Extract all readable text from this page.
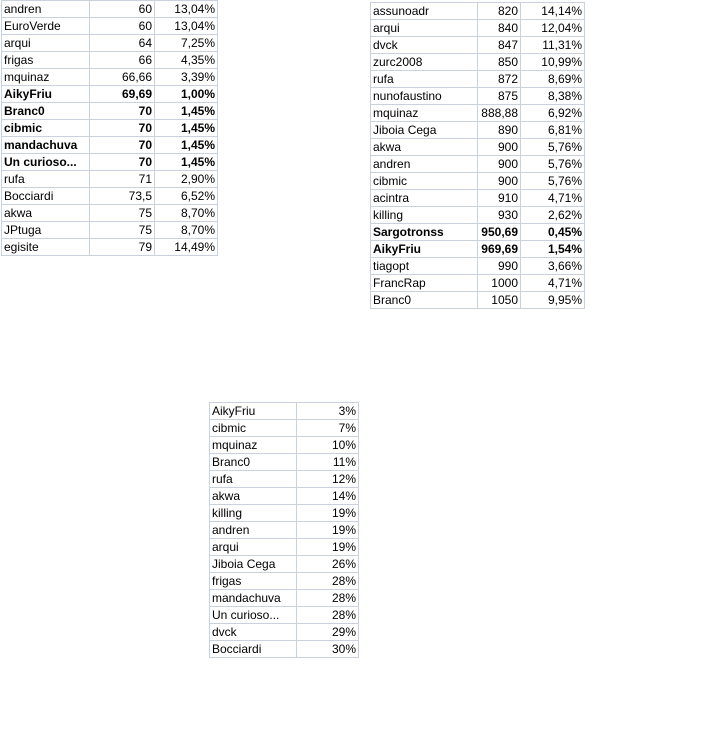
andren	60	13,04%
EuroVerde	60	13,04%
arqui	64	7,25%
frigas	66	4,35%
mquinaz	66,66	3,39%
AikyFriu	69,69	1,00%
Branc0	70	1,45%
cibmic	70	1,45%
mandachuva	70	1,45%
Un curioso...	70	1,45%
rufa	71	2,90%
Bocciardi	73,5	6,52%
akwa	75	8,70%
JPtuga	75	8,70%
egisite	79	14,49%
assunoadr	820	14,14%
arqui	840	12,04%
dvck	847	11,31%
zurc2008	850	10,99%
rufa	872	8,69%
nunofaustino	875	8,38%
mquinaz	888,88	6,92%
Jiboia Cega	890	6,81%
akwa	900	5,76%
andren	900	5,76%
cibmic	900	5,76%
acintra	910	4,71%
killing	930	2,62%
Sargotronss	950,69	0,45%
AikyFriu	969,69	1,54%
tiagopt	990	3,66%
FrancRap	1000	4,71%
Branc0	1050	9,95%
AikyFriu	3%
cibmic	7%
mquinaz	10%
Branc0	11%
rufa	12%
akwa	14%
killing	19%
andren	19%
arqui	19%
Jiboia Cega	26%
frigas	28%
mandachuva	28%
Un curioso...	28%
dvck	29%
Bocciardi	30%
